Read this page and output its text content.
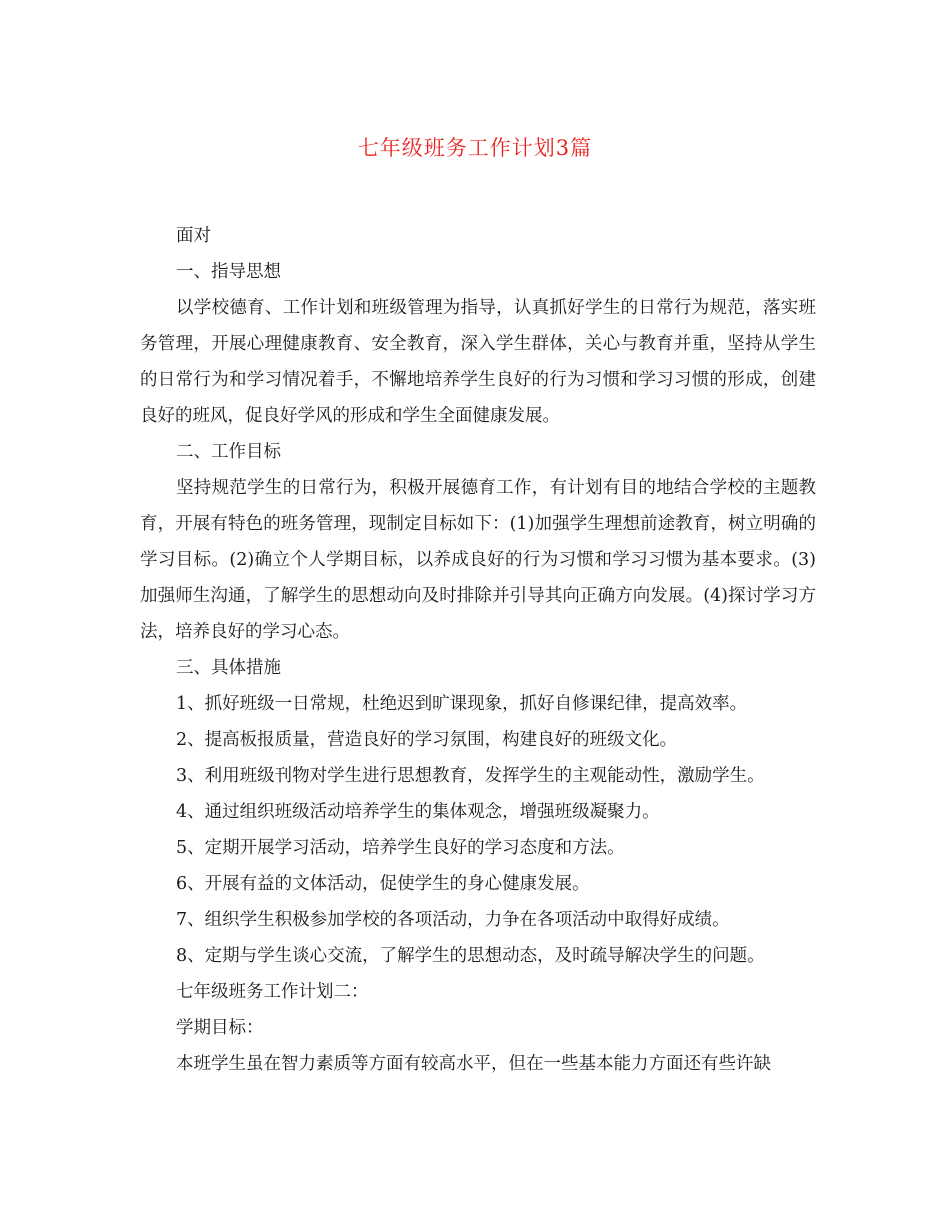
七年级班务工作计划3篇

面对

一、指导思想

以学校德育、工作计划和班级管理为指导，认真抓好学生的日常行为规范，落实班务管理，开展心理健康教育、安全教育，深入学生群体，关心与教育并重，坚持从学生的日常行为和学习情况着手，不懈地培养学生良好的行为习惯和学习习惯的形成，创建良好的班风，促良好学风的形成和学生全面健康发展。

二、工作目标

坚持规范学生的日常行为，积极开展德育工作，有计划有目的地结合学校的主题教育，开展有特色的班务管理，现制定目标如下：(1)加强学生理想前途教育，树立明确的学习目标。(2)确立个人学期目标，以养成良好的行为习惯和学习习惯为基本要求。(3)加强师生沟通，了解学生的思想动向及时排除并引导其向正确方向发展。(4)探讨学习方法，培养良好的学习心态。

三、具体措施

1、抓好班级一日常规，杜绝迟到旷课现象，抓好自修课纪律，提高效率。

2、提高板报质量，营造良好的学习氛围，构建良好的班级文化。

3、利用班级刊物对学生进行思想教育，发挥学生的主观能动性，激励学生。

4、通过组织班级活动培养学生的集体观念，增强班级凝聚力。

5、定期开展学习活动，培养学生良好的学习态度和方法。

6、开展有益的文体活动，促使学生的身心健康发展。

7、组织学生积极参加学校的各项活动，力争在各项活动中取得好成绩。

8、定期与学生谈心交流，了解学生的思想动态，及时疏导解决学生的问题。

七年级班务工作计划二：

学期目标：

本班学生虽在智力素质等方面有较高水平，但在一些基本能力方面还有些许缺
